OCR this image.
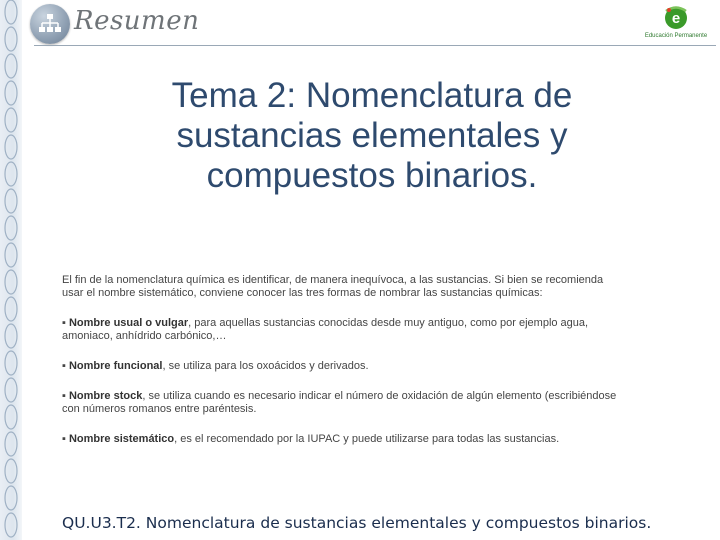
Resumen	e
Educación Permanente
Tema 2: Nomenclatura de
sustancias elementales y
compuestos binarios.

El fin de la nomenclatura química es identificar, de manera inequívoca, a las sustancias. Si bien se recomienda usar el nombre sistemático, conviene conocer las tres formas de nombrar las sustancias químicas:

▪ Nombre usual o vulgar, para aquellas sustancias conocidas desde muy antiguo, como por ejemplo agua, amoniaco, anhídrido carbónico,…

▪ Nombre funcional, se utiliza para los oxoácidos y derivados.

▪ Nombre stock, se utiliza cuando es necesario indicar el número de oxidación de algún elemento (escribiéndose con números romanos entre paréntesis.

▪ Nombre sistemático, es el recomendado por la IUPAC y puede utilizarse para todas las sustancias.

QU.U3.T2. Nomenclatura de sustancias elementales y compuestos binarios.
